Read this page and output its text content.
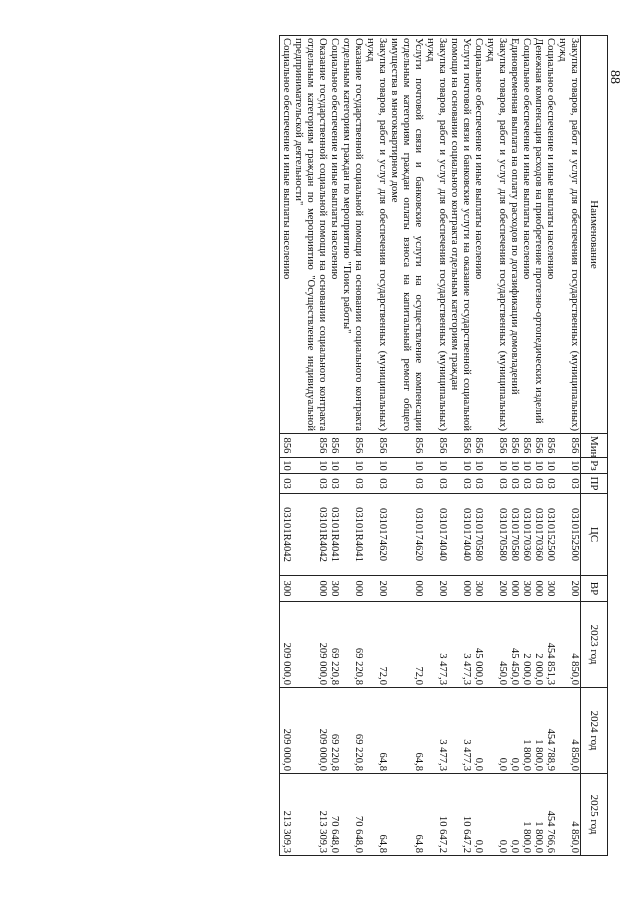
88
Наименование	Мин	Рз	ПР	ЦС	ВР	2023 год	2024 год	2025 год
Закупка товаров, работ и услуг для обеспечения государственных (муниципальных) нужд	856	10	03	0310152500	200	4 850,0	4 850,0	4 850,0
Социальное обеспечение и иные выплаты населению	856	10	03	0310152500	300	454 851,3	454 788,9	454 766,6
Денежная компенсация расходов на приобретение протезно-ортопедических изделий	856	10	03	0310170360	000	2 000,0	1 800,0	1 800,0
Социальное обеспечение и иные выплаты населению	856	10	03	0310170360	300	2 000,0	1 800,0	1 800,0
Единовременная выплата на оплату расходов по догазификации домовладений	856	10	03	0310170580	000	45 450,0	0,0	0,0
Закупка товаров, работ и услуг для обеспечения государственных (муниципальных) нужд	856	10	03	0310170580	200	450,0	0,0	0,0
Социальное обеспечение и иные выплаты населению	856	10	03	0310170580	300	45 000,0	0,0	0,0
Услуги почтовой связи и банковские услуги на оказание государственной социальной помощи на основании социального контракта отдельным категориям граждан	856	10	03	0310174040	000	3 477,3	3 477,3	10 647,2
Закупка товаров, работ и услуг для обеспечения государственных (муниципальных) нужд	856	10	03	0310174040	200	3 477,3	3 477,3	10 647,2
Услуги почтовой связи и банковские услуги на осуществление компенсации отдельным категориям граждан оплаты взноса на капитальный ремонт общего имущества в многоквартирном доме	856	10	03	0310174620	000	72,0	64,8	64,8
Закупка товаров, работ и услуг для обеспечения государственных (муниципальных) нужд	856	10	03	0310174620	200	72,0	64,8	64,8
Оказание государственной социальной помощи на основании социального контракта отдельным категориям граждан по мероприятию "Поиск работы"	856	10	03	03101R4041	000	69 220,8	69 220,8	70 648,0
Социальное обеспечение и иные выплаты населению	856	10	03	03101R4041	300	69 220,8	69 220,8	70 648,0
Оказание государственной социальной помощи на основании социального контракта отдельным категориям граждан по мероприятию "Осуществление индивидуальной предпринимательской деятельности"	856	10	03	03101R4042	000	209 000,0	209 000,0	213 309,3
Социальное обеспечение и иные выплаты населению	856	10	03	03101R4042	300	209 000,0	209 000,0	213 309,3
